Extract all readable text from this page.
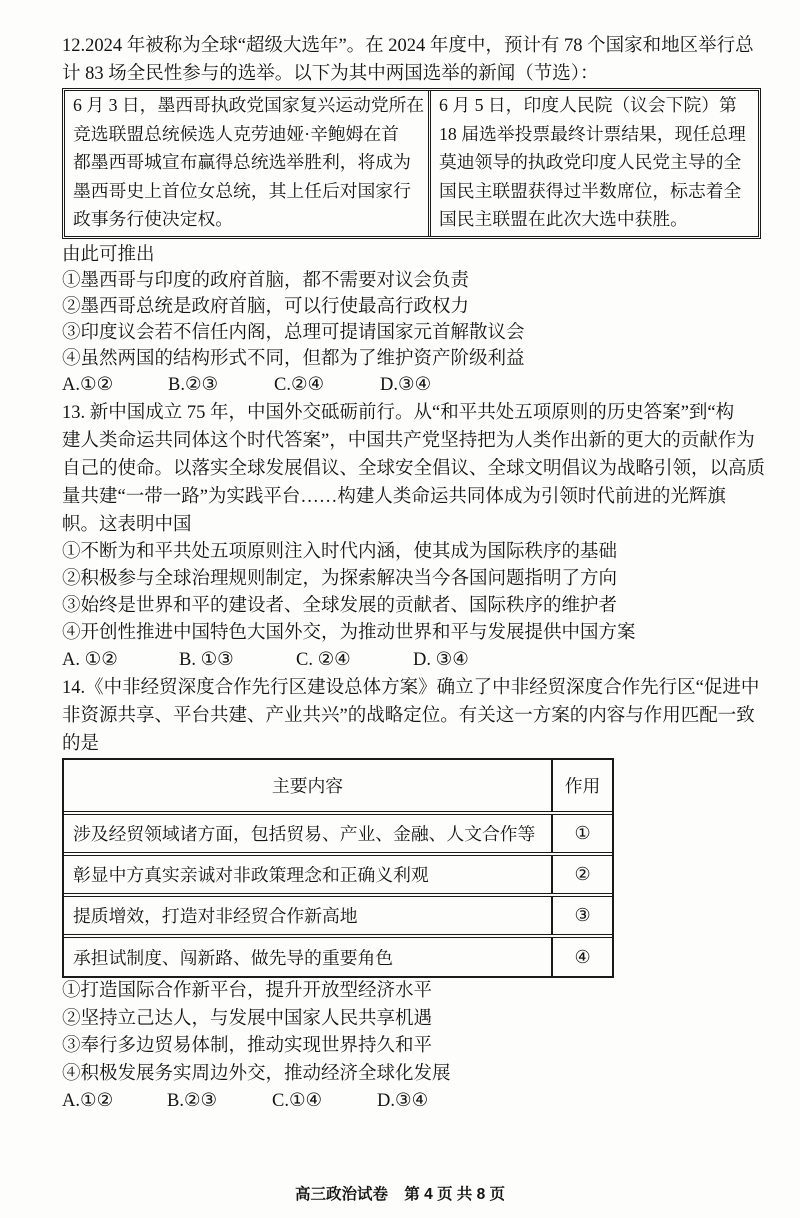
12.2024 年被称为全球“超级大选年”。在 2024 年度中，预计有 78 个国家和地区举行总
计 83 场全民性参与的选举。以下为其中两国选举的新闻（节选）：
6 月 3 日，墨西哥执政党国家复兴运动党所在
竞选联盟总统候选人克劳迪娅·辛鲍姆在首
都墨西哥城宣布赢得总统选举胜利，将成为
墨西哥史上首位女总统，其上任后对国家行
政事务行使决定权。
6 月 5 日，印度人民院（议会下院）第
18 届选举投票最终计票结果，现任总理
莫迪领导的执政党印度人民党主导的全
国民主联盟获得过半数席位，标志着全
国民主联盟在此次大选中获胜。
由此可推出
①墨西哥与印度的政府首脑，都不需要对议会负责
②墨西哥总统是政府首脑，可以行使最高行政权力
③印度议会若不信任内阁，总理可提请国家元首解散议会
④虽然两国的结构形式不同，但都为了维护资产阶级利益
A.①②	B.②③	C.②④	D.③④
13. 新中国成立 75 年，中国外交砥砺前行。从“和平共处五项原则的历史答案”到“构
建人类命运共同体这个时代答案”，中国共产党坚持把为人类作出新的更大的贡献作为
自己的使命。以落实全球发展倡议、全球安全倡议、全球文明倡议为战略引领，以高质
量共建“一带一路”为实践平台……构建人类命运共同体成为引领时代前进的光辉旗
帜。这表明中国
①不断为和平共处五项原则注入时代内涵，使其成为国际秩序的基础
②积极参与全球治理规则制定，为探索解决当今各国问题指明了方向
③始终是世界和平的建设者、全球发展的贡献者、国际秩序的维护者
④开创性推进中国特色大国外交，为推动世界和平与发展提供中国方案
A. ①②	B. ①③	C. ②④	D. ③④
14.《中非经贸深度合作先行区建设总体方案》确立了中非经贸深度合作先行区“促进中
非资源共享、平台共建、产业共兴”的战略定位。有关这一方案的内容与作用匹配一致
的是
主要内容	作用
涉及经贸领域诸方面，包括贸易、产业、金融、人文合作等	①
彰显中方真实亲诚对非政策理念和正确义利观	②
提质增效，打造对非经贸合作新高地	③
承担试制度、闯新路、做先导的重要角色	④
①打造国际合作新平台，提升开放型经济水平
②坚持立己达人，与发展中国家人民共享机遇
③奉行多边贸易体制，推动实现世界持久和平
④积极发展务实周边外交，推动经济全球化发展
A.①②	B.②③	C.①④	D.③④
高三政治试卷 第 4 页 共 8 页
